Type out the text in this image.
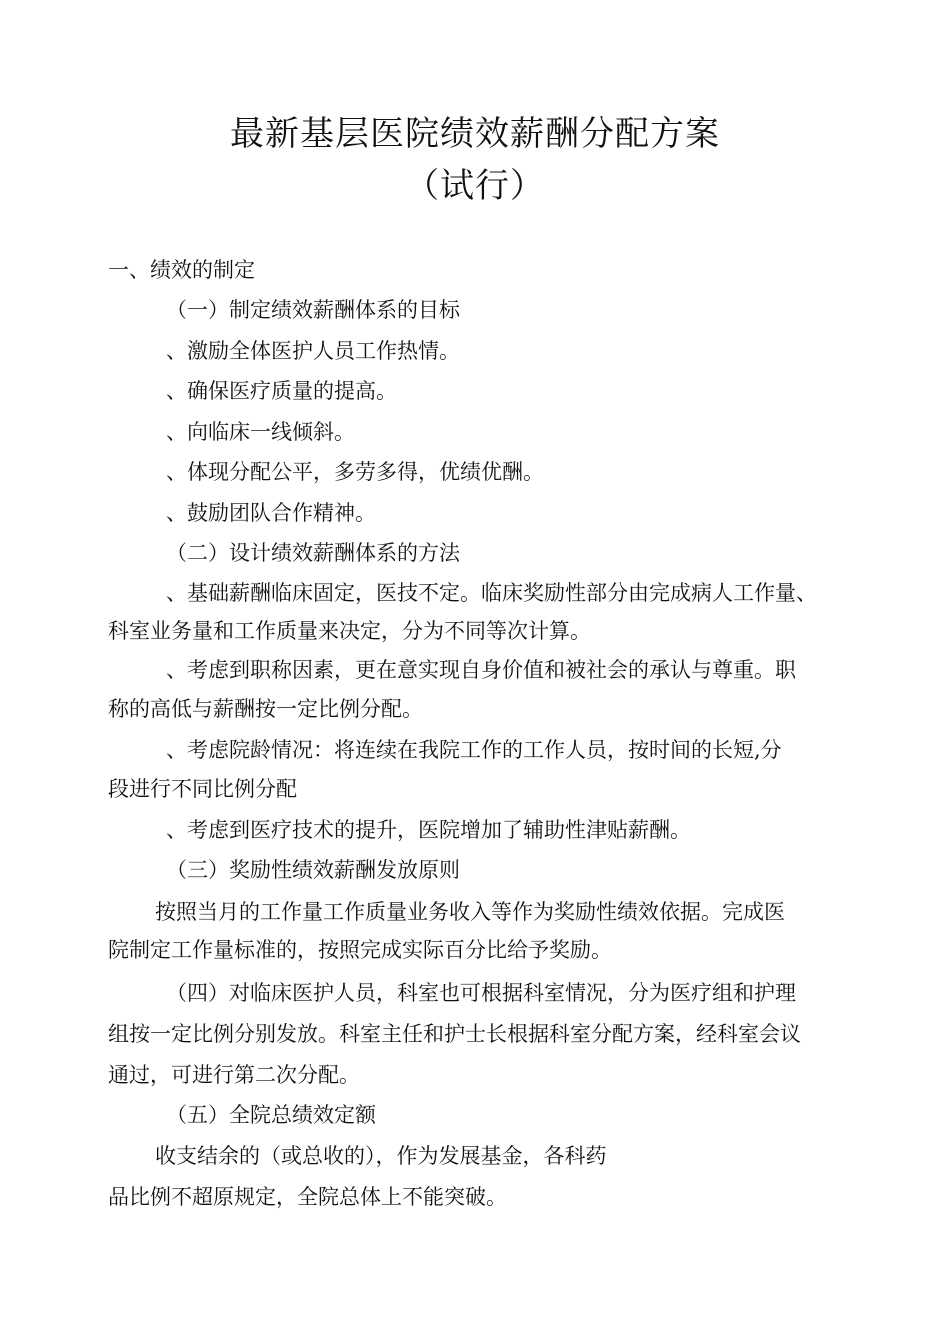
最新基层医院绩效薪酬分配方案
（试行）
一、绩效的制定
（一）制定绩效薪酬体系的目标
、激励全体医护人员工作热情。
、确保医疗质量的提高。
、向临床一线倾斜。
、体现分配公平，多劳多得，优绩优酬。
、鼓励团队合作精神。
（二）设计绩效薪酬体系的方法
、基础薪酬临床固定，医技不定。临床奖励性部分由完成病人工作量、
科室业务量和工作质量来决定，分为不同等次计算。
、考虑到职称因素，更在意实现自身价值和被社会的承认与尊重。职
称的高低与薪酬按一定比例分配。
、考虑院龄情况：将连续在我院工作的工作人员，按时间的长短,分
段进行不同比例分配
、考虑到医疗技术的提升，医院增加了辅助性津贴薪酬。
（三）奖励性绩效薪酬发放原则
按照当月的工作量工作质量业务收入等作为奖励性绩效依据。完成医
院制定工作量标准的，按照完成实际百分比给予奖励。
（四）对临床医护人员，科室也可根据科室情况，分为医疗组和护理
组按一定比例分别发放。科室主任和护士长根据科室分配方案，经科室会议
通过，可进行第二次分配。
（五）全院总绩效定额
收支结余的（或总收的），作为发展基金，各科药
品比例不超原规定，全院总体上不能突破。
